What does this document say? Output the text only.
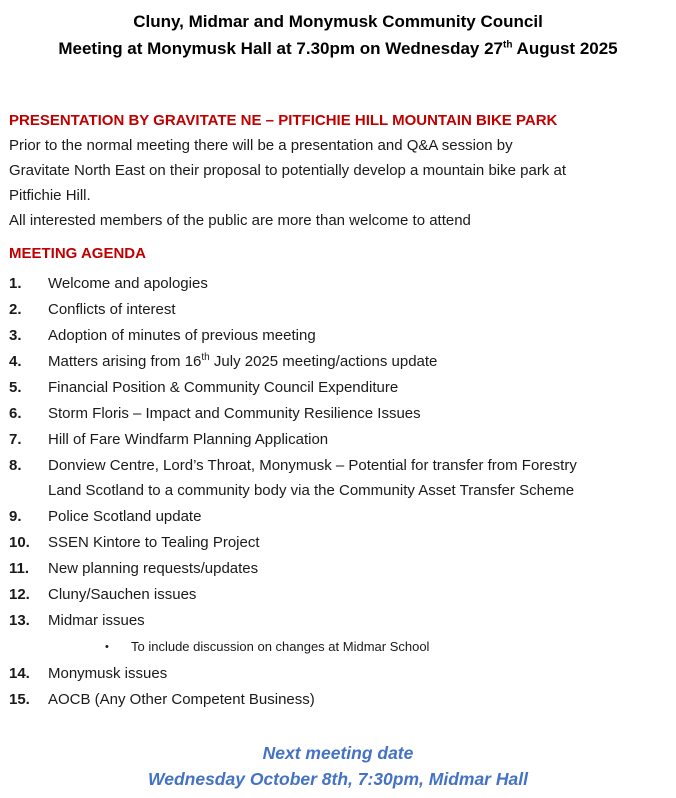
Cluny, Midmar and Monymusk Community Council
Meeting at Monymusk Hall at 7.30pm on Wednesday 27th August 2025
PRESENTATION BY GRAVITATE NE – PITFICHIE HILL MOUNTAIN BIKE PARK

Prior to the normal meeting there will be a presentation and Q&A session by

Gravitate North East on their proposal to potentially develop a mountain bike park at

Pitfichie Hill.

All interested members of the public are more than welcome to attend

MEETING AGENDA
1.	Welcome and apologies
2.	Conflicts of interest
3.	Adoption of minutes of previous meeting
4.	Matters arising from 16th July 2025 meeting/actions update
5.	Financial Position & Community Council Expenditure
6.	Storm Floris – Impact and Community Resilience Issues
7.	Hill of Fare Windfarm Planning Application
8.	Donview Centre, Lord’s Throat, Monymusk – Potential for transfer from Forestry
Land Scotland to a community body via the Community Asset Transfer Scheme
9.	Police Scotland update
10.	SSEN Kintore to Tealing Project
11.	New planning requests/updates
12.	Cluny/Sauchen issues
13.	Midmar issues
•	To include discussion on changes at Midmar School
14.	Monymusk issues
15.	AOCB (Any Other Competent Business)
Next meeting date
Wednesday October 8th, 7:30pm, Midmar Hall
